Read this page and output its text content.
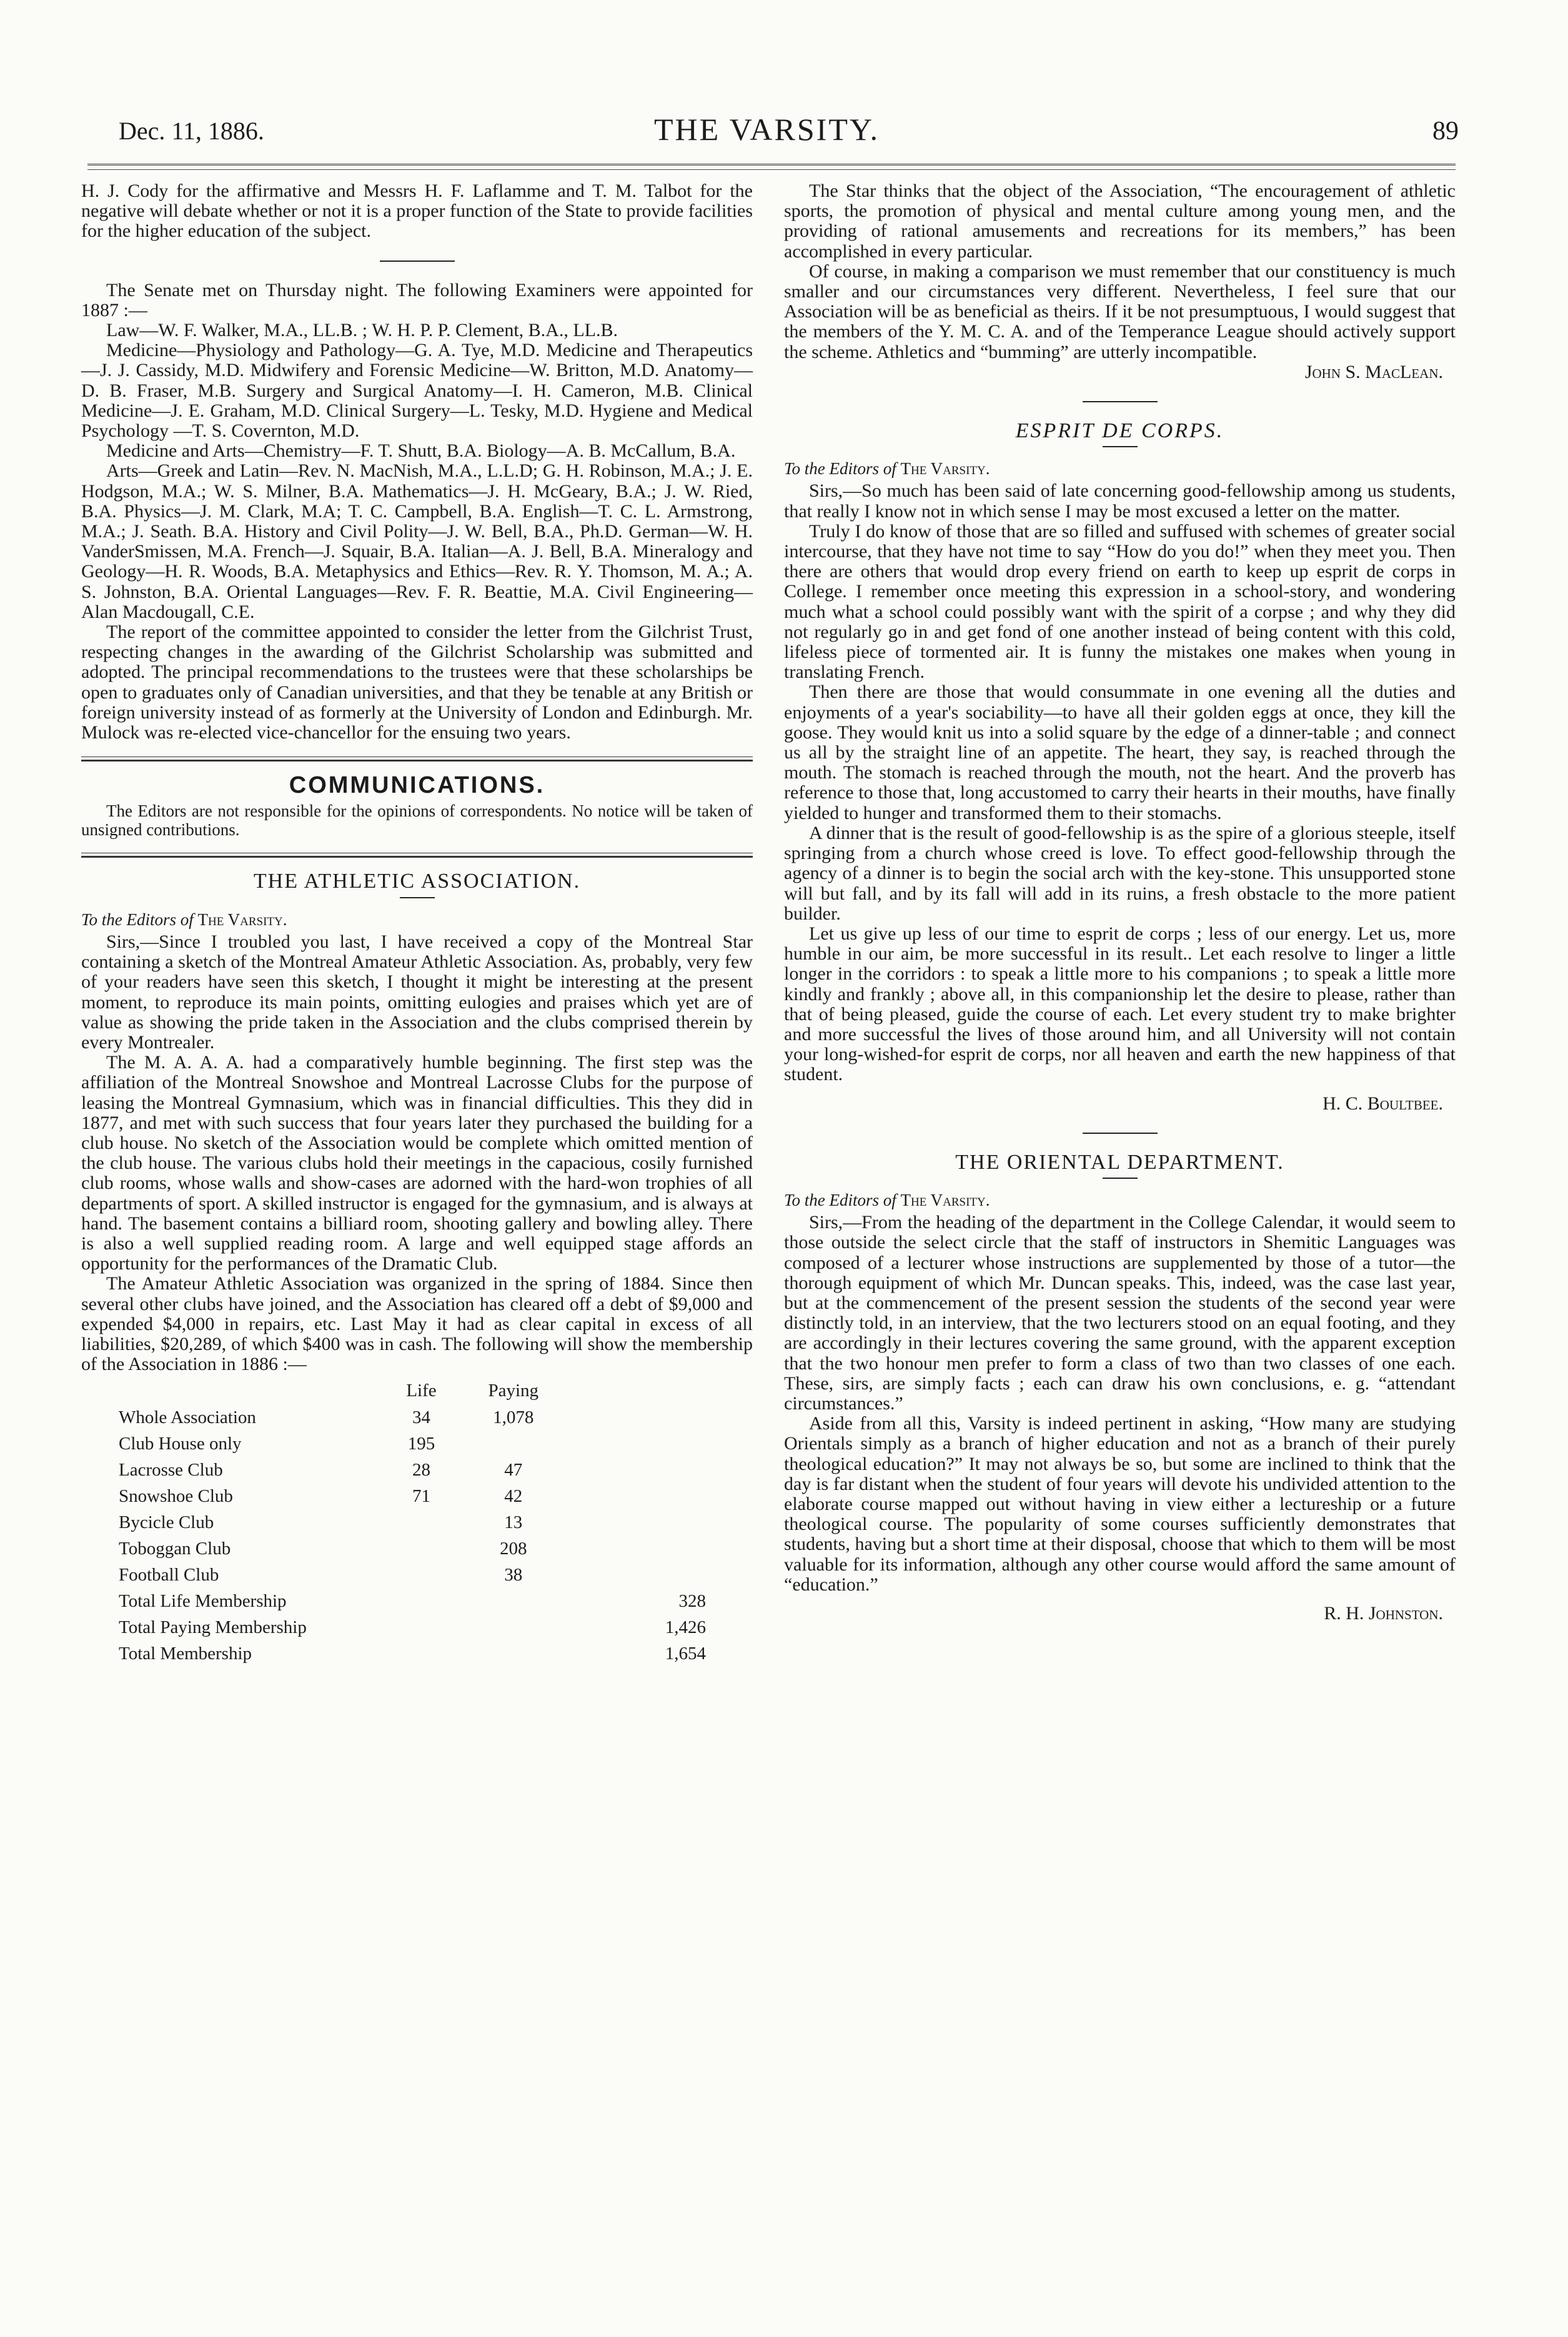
Dec. 11, 1886.	THE VARSITY.	89

H. J. Cody for the affirmative and Messrs H. F. Laflamme and T. M. Talbot for the negative will debate whether or not it is a proper function of the State to provide facilities for the higher education of the subject.

The Senate met on Thursday night. The following Examiners were appointed for 1887 :—

Law—W. F. Walker, M.A., LL.B. ; W. H. P. P. Clement, B.A., LL.B.

Medicine—Physiology and Pathology—G. A. Tye, M.D. Medicine and Therapeutics—J. J. Cassidy, M.D. Midwifery and Forensic Medicine—W. Britton, M.D. Anatomy—D. B. Fraser, M.B. Surgery and Surgical Anatomy—I. H. Cameron, M.B. Clinical Medicine—J. E. Graham, M.D. Clinical Surgery—L. Tesky, M.D. Hygiene and Medical Psychology —T. S. Covernton, M.D.

Medicine and Arts—Chemistry—F. T. Shutt, B.A. Biology—A. B. McCallum, B.A.

Arts—Greek and Latin—Rev. N. MacNish, M.A., L.L.D; G. H. Robinson, M.A.; J. E. Hodgson, M.A.; W. S. Milner, B.A. Mathematics—J. H. McGeary, B.A.; J. W. Ried, B.A. Physics—J. M. Clark, M.A; T. C. Campbell, B.A. English—T. C. L. Armstrong, M.A.; J. Seath. B.A. History and Civil Polity—J. W. Bell, B.A., Ph.D. German—W. H. VanderSmissen, M.A. French—J. Squair, B.A. Italian—A. J. Bell, B.A. Mineralogy and Geology—H. R. Woods, B.A. Metaphysics and Ethics—Rev. R. Y. Thomson, M. A.; A. S. Johnston, B.A. Oriental Languages—Rev. F. R. Beattie, M.A. Civil Engineering—Alan Macdougall, C.E.

The report of the committee appointed to consider the letter from the Gilchrist Trust, respecting changes in the awarding of the Gilchrist Scholarship was submitted and adopted. The principal recommendations to the trustees were that these scholarships be open to graduates only of Canadian universities, and that they be tenable at any British or foreign university instead of as formerly at the University of London and Edinburgh. Mr. Mulock was re-elected vice-chancellor for the ensuing two years.

COMMUNICATIONS.

The Editors are not responsible for the opinions of correspondents. No notice will be taken of unsigned contributions.

THE ATHLETIC ASSOCIATION.
To the Editors of The Varsity.

Sirs,—Since I troubled you last, I have received a copy of the Montreal Star containing a sketch of the Montreal Amateur Athletic Association. As, probably, very few of your readers have seen this sketch, I thought it might be interesting at the present moment, to reproduce its main points, omitting eulogies and praises which yet are of value as showing the pride taken in the Association and the clubs comprised therein by every Montrealer.

The M. A. A. A. had a comparatively humble beginning. The first step was the affiliation of the Montreal Snowshoe and Montreal Lacrosse Clubs for the purpose of leasing the Montreal Gymnasium, which was in financial difficulties. This they did in 1877, and met with such success that four years later they purchased the building for a club house. No sketch of the Association would be complete which omitted mention of the club house. The various clubs hold their meetings in the capacious, cosily furnished club rooms, whose walls and show-cases are adorned with the hard-won trophies of all departments of sport. A skilled instructor is engaged for the gymnasium, and is always at hand. The basement contains a billiard room, shooting gallery and bowling alley. There is also a well supplied reading room. A large and well equipped stage affords an opportunity for the performances of the Dramatic Club.

The Amateur Athletic Association was organized in the spring of 1884. Since then several other clubs have joined, and the Association has cleared off a debt of $9,000 and expended $4,000 in repairs, etc. Last May it had as clear capital in excess of all liabilities, $20,289, of which $400 was in cash. The following will show the membership of the Association in 1886 :—

	Life	Paying	
Whole Association	34	1,078	
Club House only	195		
Lacrosse Club	28	47	
Snowshoe Club	71	42	
Bycicle Club		13	
Toboggan Club		208	
Football Club		38	
Total Life Membership			328
Total Paying Membership			1,426
Total Membership			1,654

The Star thinks that the object of the Association, “The encouragement of athletic sports, the promotion of physical and mental culture among young men, and the providing of rational amusements and recreations for its members,” has been accomplished in every particular.

Of course, in making a comparison we must remember that our constituency is much smaller and our circumstances very different. Nevertheless, I feel sure that our Association will be as beneficial as theirs. If it be not presumptuous, I would suggest that the members of the Y. M. C. A. and of the Temperance League should actively support the scheme. Athletics and “bumming” are utterly incompatible.

John S. MacLean.
ESPRIT DE CORPS.
To the Editors of The Varsity.

Sirs,—So much has been said of late concerning good-fellowship among us students, that really I know not in which sense I may be most excused a letter on the matter.

Truly I do know of those that are so filled and suffused with schemes of greater social intercourse, that they have not time to say “How do you do!” when they meet you. Then there are others that would drop every friend on earth to keep up esprit de corps in College. I remember once meeting this expression in a school-story, and wondering much what a school could possibly want with the spirit of a corpse ; and why they did not regularly go in and get fond of one another instead of being content with this cold, lifeless piece of tormented air. It is funny the mistakes one makes when young in translating French.

Then there are those that would consummate in one evening all the duties and enjoyments of a year's sociability—to have all their golden eggs at once, they kill the goose. They would knit us into a solid square by the edge of a dinner-table ; and connect us all by the straight line of an appetite. The heart, they say, is reached through the mouth. The stomach is reached through the mouth, not the heart. And the proverb has reference to those that, long accustomed to carry their hearts in their mouths, have finally yielded to hunger and transformed them to their stomachs.

A dinner that is the result of good-fellowship is as the spire of a glorious steeple, itself springing from a church whose creed is love. To effect good-fellowship through the agency of a dinner is to begin the social arch with the key-stone. This unsupported stone will but fall, and by its fall will add in its ruins, a fresh obstacle to the more patient builder.

Let us give up less of our time to esprit de corps ; less of our energy. Let us, more humble in our aim, be more successful in its result.. Let each resolve to linger a little longer in the corridors : to speak a little more to his companions ; to speak a little more kindly and frankly ; above all, in this companionship let the desire to please, rather than that of being pleased, guide the course of each. Let every student try to make brighter and more successful the lives of those around him, and all University will not contain your long-wished-for esprit de corps, nor all heaven and earth the new happiness of that student.

H. C. Boultbee.
THE ORIENTAL DEPARTMENT.
To the Editors of The Varsity.

Sirs,—From the heading of the department in the College Calendar, it would seem to those outside the select circle that the staff of instructors in Shemitic Languages was composed of a lecturer whose instructions are supplemented by those of a tutor—the thorough equipment of which Mr. Duncan speaks. This, indeed, was the case last year, but at the commencement of the present session the students of the second year were distinctly told, in an interview, that the two lecturers stood on an equal footing, and they are accordingly in their lectures covering the same ground, with the apparent exception that the two honour men prefer to form a class of two than two classes of one each. These, sirs, are simply facts ; each can draw his own conclusions, e. g. “attendant circumstances.”

Aside from all this, Varsity is indeed pertinent in asking, “How many are studying Orientals simply as a branch of higher education and not as a branch of their purely theological education?” It may not always be so, but some are inclined to think that the day is far distant when the student of four years will devote his undivided attention to the elaborate course mapped out without having in view either a lectureship or a future theological course. The popularity of some courses sufficiently demonstrates that students, having but a short time at their disposal, choose that which to them will be most valuable for its information, although any other course would afford the same amount of “education.”

R. H. Johnston.
